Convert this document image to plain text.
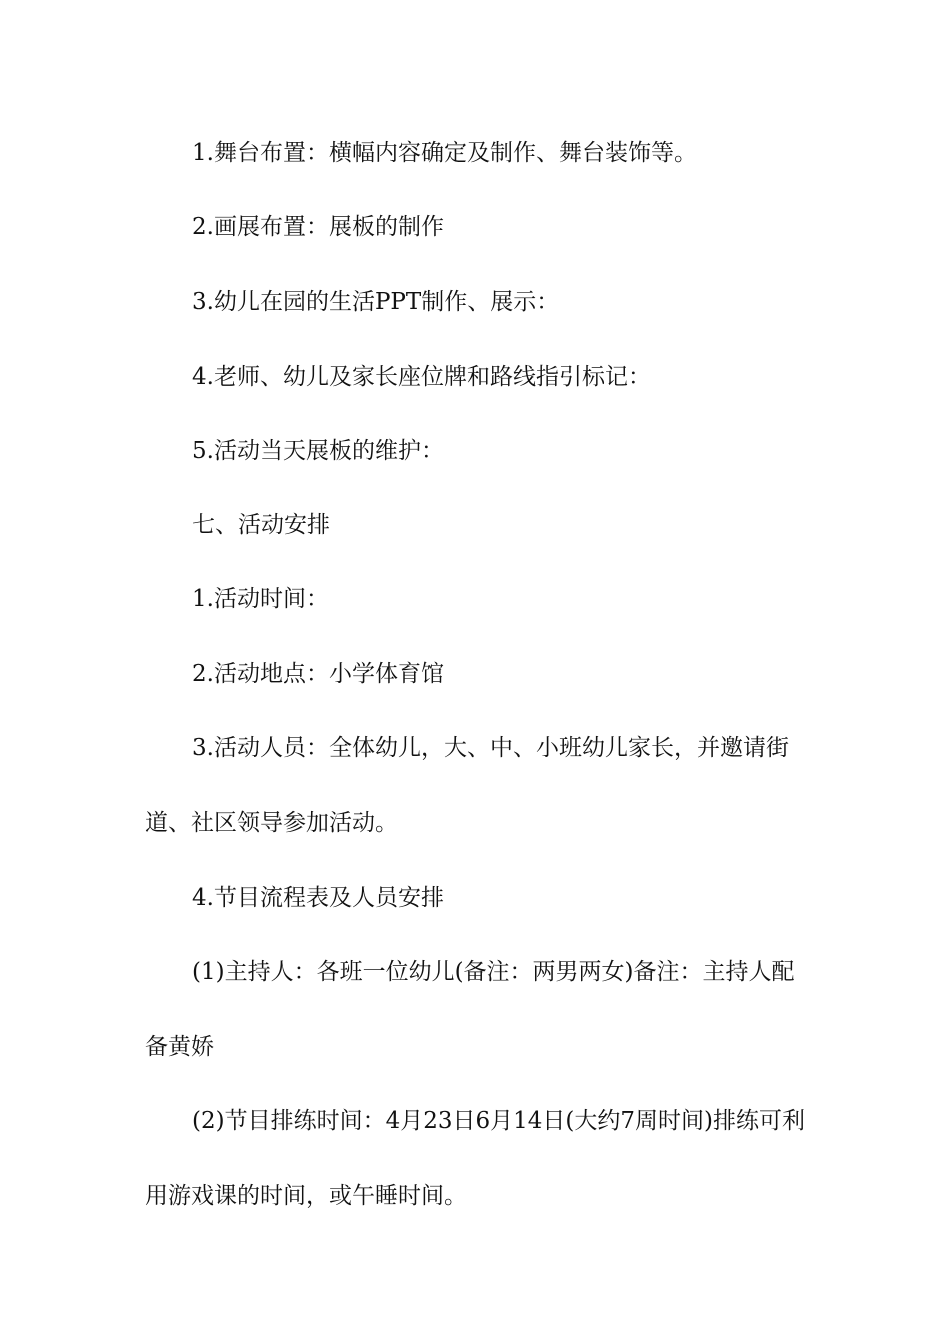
1.舞台布置：横幅内容确定及制作、舞台装饰等。

2.画展布置：展板的制作

3.幼儿在园的生活PPT制作、展示：

4.老师、幼儿及家长座位牌和路线指引标记：

5.活动当天展板的维护：

七、活动安排

1.活动时间：

2.活动地点：小学体育馆

3.活动人员：全体幼儿，大、中、小班幼儿家长，并邀请街道、社区领导参加活动。

4.节目流程表及人员安排

(1)主持人：各班一位幼儿(备注：两男两女)备注：主持人配备黄娇

(2)节目排练时间：4月23日6月14日(大约7周时间)排练可利用游戏课的时间，或午睡时间。
